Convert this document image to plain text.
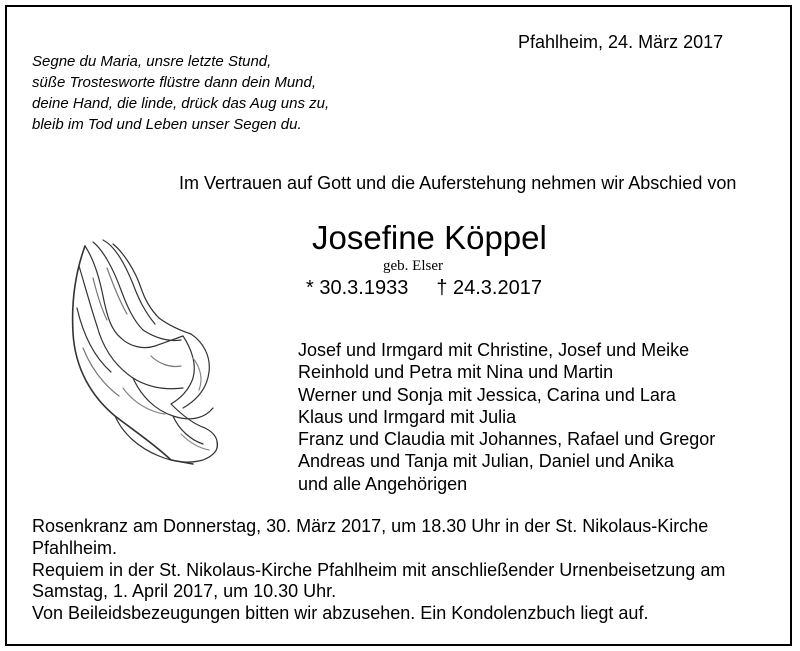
Pfahlheim, 24. März 2017
Segne du Maria, unsre letzte Stund,
süße Trostesworte flüstre dann dein Mund,
deine Hand, die linde, drück das Aug uns zu,
bleib im Tod und Leben unser Segen du.
Im Vertrauen auf Gott und die Auferstehung nehmen wir Abschied von
Josefine Köppel
geb. Elser
* 30.3.1933 † 24.3.2017
Josef und Irmgard mit Christine, Josef und Meike
Reinhold und Petra mit Nina und Martin
Werner und Sonja mit Jessica, Carina und Lara
Klaus und Irmgard mit Julia
Franz und Claudia mit Johannes, Rafael und Gregor
Andreas und Tanja mit Julian, Daniel und Anika
und alle Angehörigen
Rosenkranz am Donnerstag, 30. März 2017, um 18.30 Uhr in der St. Nikolaus-Kirche
Pfahlheim.
Requiem in der St. Nikolaus-Kirche Pfahlheim mit anschließender Urnenbeisetzung am
Samstag, 1. April 2017, um 10.30 Uhr.
Von Beileidsbezeugungen bitten wir abzusehen. Ein Kondolenzbuch liegt auf.
